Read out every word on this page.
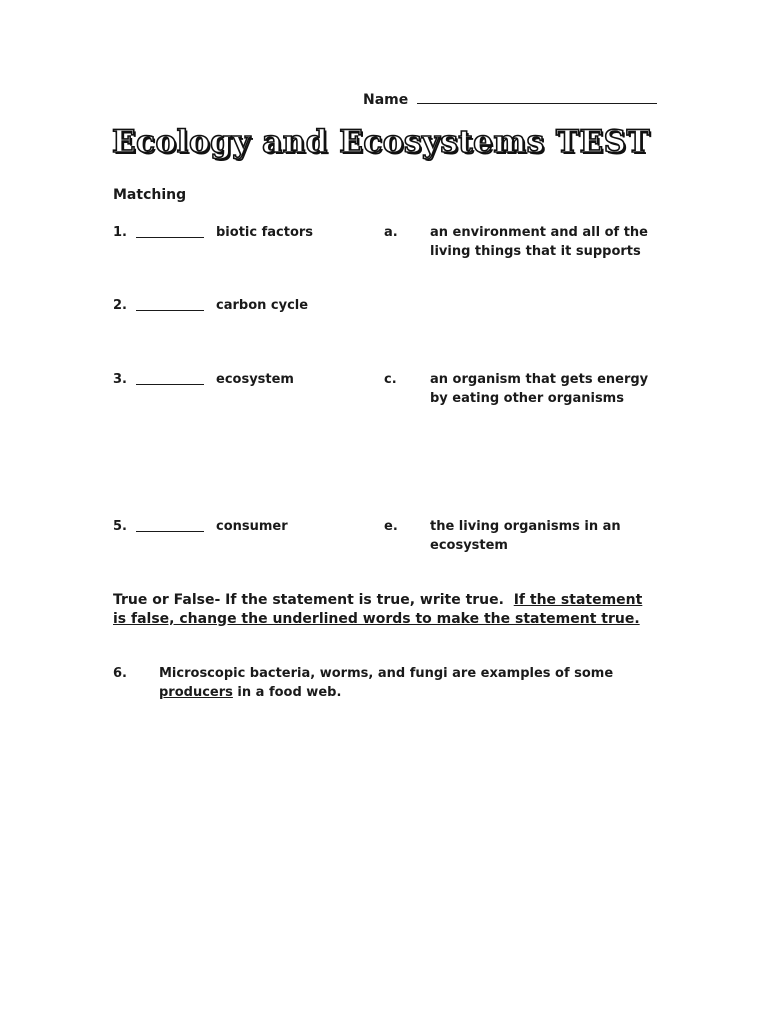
Name
Ecology and Ecosystems TEST
Matching
1.	biotic factors	a. an environment and all of the living things that it supports
2.	carbon cycle
3.	ecosystem	c.	an organism that gets energy by eating other organisms
5.	consumer	e. the living organisms in an ecosystem
True or False- If the statement is true, write true. If the statement is false, change the underlined words to make the statement true.
6. Microscopic bacteria, worms, and fungi are examples of some producers in a food web.
